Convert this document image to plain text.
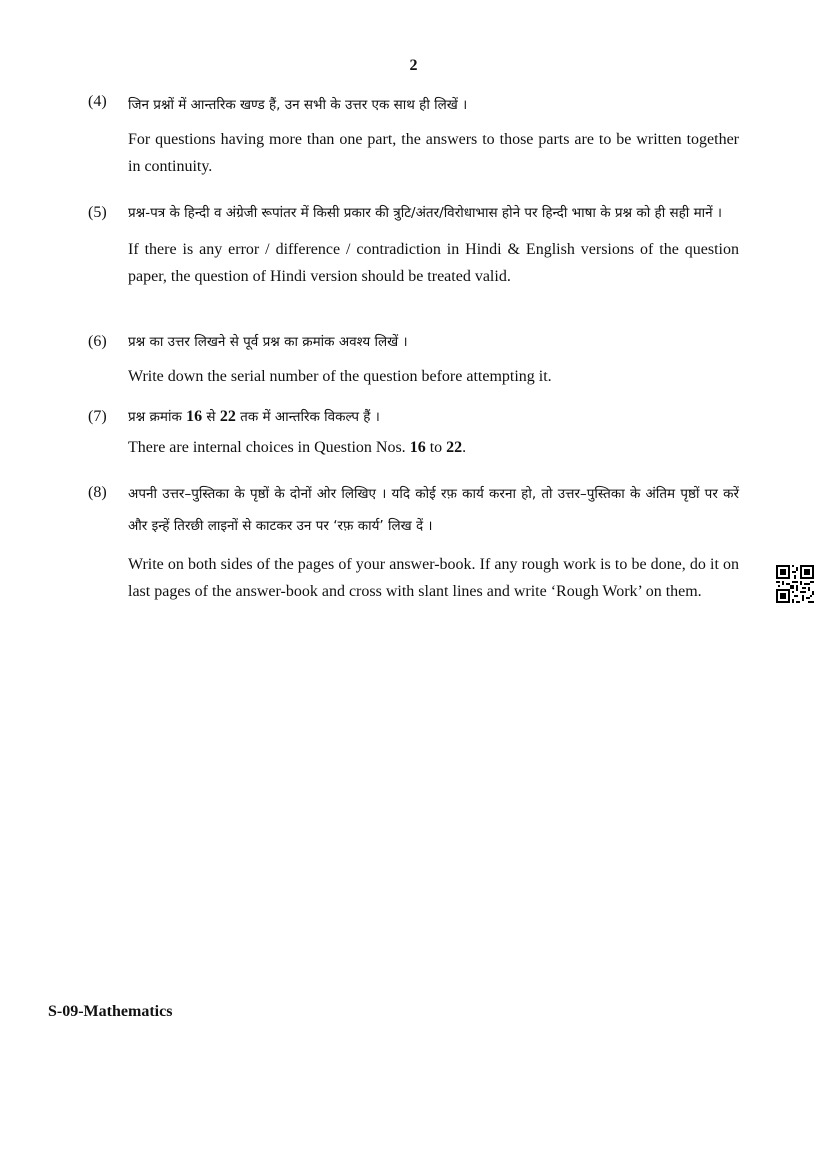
2
(4) जिन प्रश्नों में आन्तरिक खण्ड हैं, उन सभी के उत्तर एक साथ ही लिखें ।
For questions having more than one part, the answers to those parts are to be written together in continuity.
(5) प्रश्न-पत्र के हिन्दी व अंग्रेजी रूपांतर में किसी प्रकार की त्रुटि/अंतर/विरोधाभास होने पर हिन्दी भाषा के प्रश्न को ही सही मानें ।
If there is any error / difference / contradiction in Hindi & English versions of the question paper, the question of Hindi version should be treated valid.
(6) प्रश्न का उत्तर लिखने से पूर्व प्रश्न का क्रमांक अवश्य लिखें ।
Write down the serial number of the question before attempting it.
(7) प्रश्न क्रमांक 16 से 22 तक में आन्तरिक विकल्प हैं ।
There are internal choices in Question Nos. 16 to 22.
(8) अपनी उत्तर–पुस्तिका के पृष्ठों के दोनों ओर लिखिए । यदि कोई रफ़ कार्य करना हो, तो उत्तर–पुस्तिका के अंतिम पृष्ठों पर करें और इन्हें तिरछी लाइनों से काटकर उन पर ‘रफ़ कार्य’ लिख दें ।
Write on both sides of the pages of your answer-book. If any rough work is to be done, do it on last pages of the answer-book and cross with slant lines and write ‘Rough Work’ on them.
S-09-Mathematics
